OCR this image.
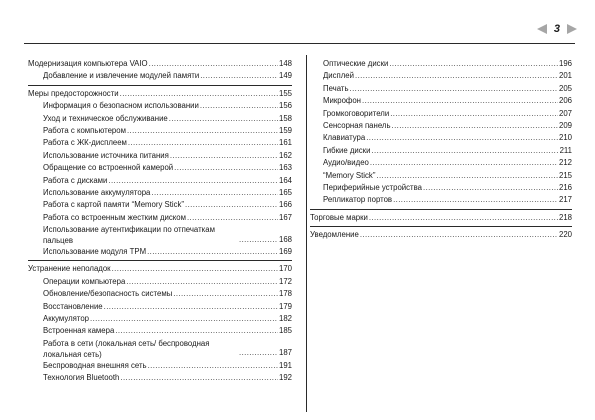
3
Модернизация компьютера VAIO .....	148
Добавление и извлечение модулей памяти .....	149
Меры предосторожности .....	155
Информация о безопасном использовании .....	156
Уход и техническое обслуживание .....	158
Работа с компьютером .....	159
Работа с ЖК-дисплеем .....	161
Использование источника питания .....	162
Обращение со встроенной камерой .....	163
Работа с дисками .....	164
Использование аккумулятора .....	165
Работа с картой памяти “Memory Stick” .....	166
Работа со встроенным жестким диском .....	167
Использование аутентификации по отпечаткам пальцев .....	168
Использование модуля TPM .....	169
Устранение неполадок .....	170
Операции компьютера .....	172
Обновление/безопасность системы .....	178
Восстановление .....	179
Аккумулятор .....	182
Встроенная камера .....	185
Работа в сети (локальная сеть/ беспроводная локальная сеть) .....	187
Беспроводная внешняя сеть .....	191
Технология Bluetooth .....	192
Оптические диски .....	196
Дисплей .....	201
Печать .....	205
Микрофон .....	206
Громкоговорители .....	207
Сенсорная панель .....	209
Клавиатура .....	210
Гибкие диски .....	211
Аудио/видео .....	212
“Memory Stick” .....	215
Периферийные устройства .....	216
Репликатор портов .....	217
Торговые марки .....	218
Уведомление .....	220
